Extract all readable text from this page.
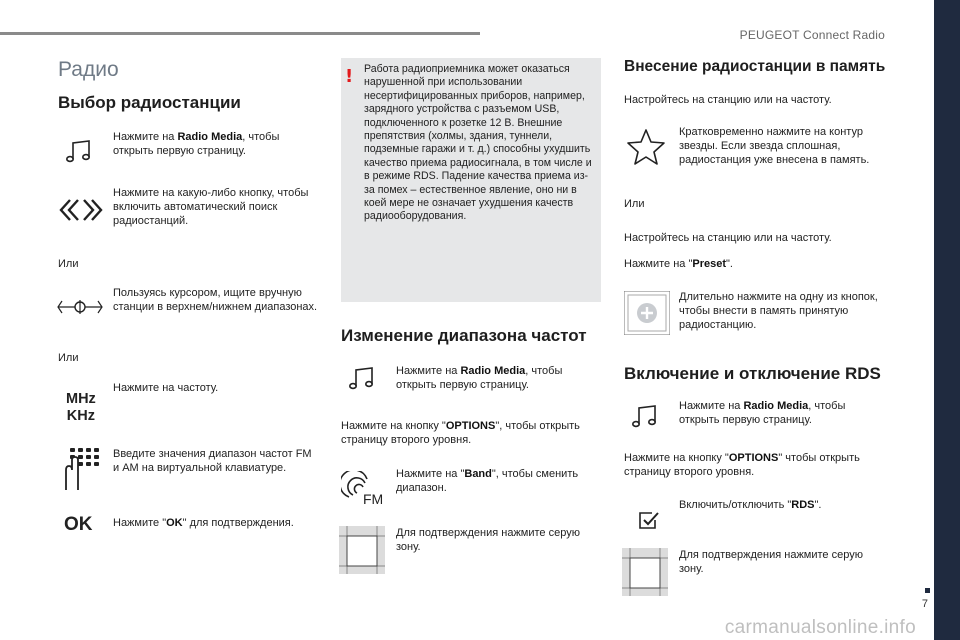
PEUGEOT Connect Radio
7
carmanualsonline.info
Радио
Выбор радиостанции

Нажмите на Radio Media, чтобы открыть первую страницу.

Нажмите на какую-либо кнопку, чтобы включить автоматический поиск радиостанций.

Или

Пользуясь курсором, ищите вручную станции в верхнем/нижнем диапазонах.

Или

MHz
KHz

Нажмите на частоту.

Введите значения диапазон частот FM и AM на виртуальной клавиатуре.

OK Нажмите "OK" для подтверждения.

! Работа радиоприемника может оказаться нарушенной при использовании несертифицированных приборов, например, зарядного устройства с разъемом USB, подключенного к розетке 12 В. Внешние препятствия (холмы, здания, туннели, подземные гаражи и т. д.) способны ухудшить качество приема радиосигнала, в том числе и в режиме RDS. Падение качества приема из-за помех – естественное явление, оно ни в коей мере не означает ухудшения качеств радиооборудования.

Изменение диапазона частот

Нажмите на Radio Media, чтобы открыть первую страницу.

Нажмите на кнопку "OPTIONS", чтобы открыть страницу второго уровня.

FM

Нажмите на "Band", чтобы сменить диапазон.

Для подтверждения нажмите серую зону.

Внесение радиостанции в память

Настройтесь на станцию или на частоту.

Кратковременно нажмите на контур звезды. Если звезда сплошная, радиостанция уже внесена в память.

Или

Настройтесь на станцию или на частоту.

Нажмите на "Preset".

Длительно нажмите на одну из кнопок, чтобы внести в память принятую радиостанцию.

Включение и отключение RDS

Нажмите на Radio Media, чтобы открыть первую страницу.

Нажмите на кнопку "OPTIONS" чтобы открыть страницу второго уровня.

Включить/отключить "RDS".

Для подтверждения нажмите серую зону.
